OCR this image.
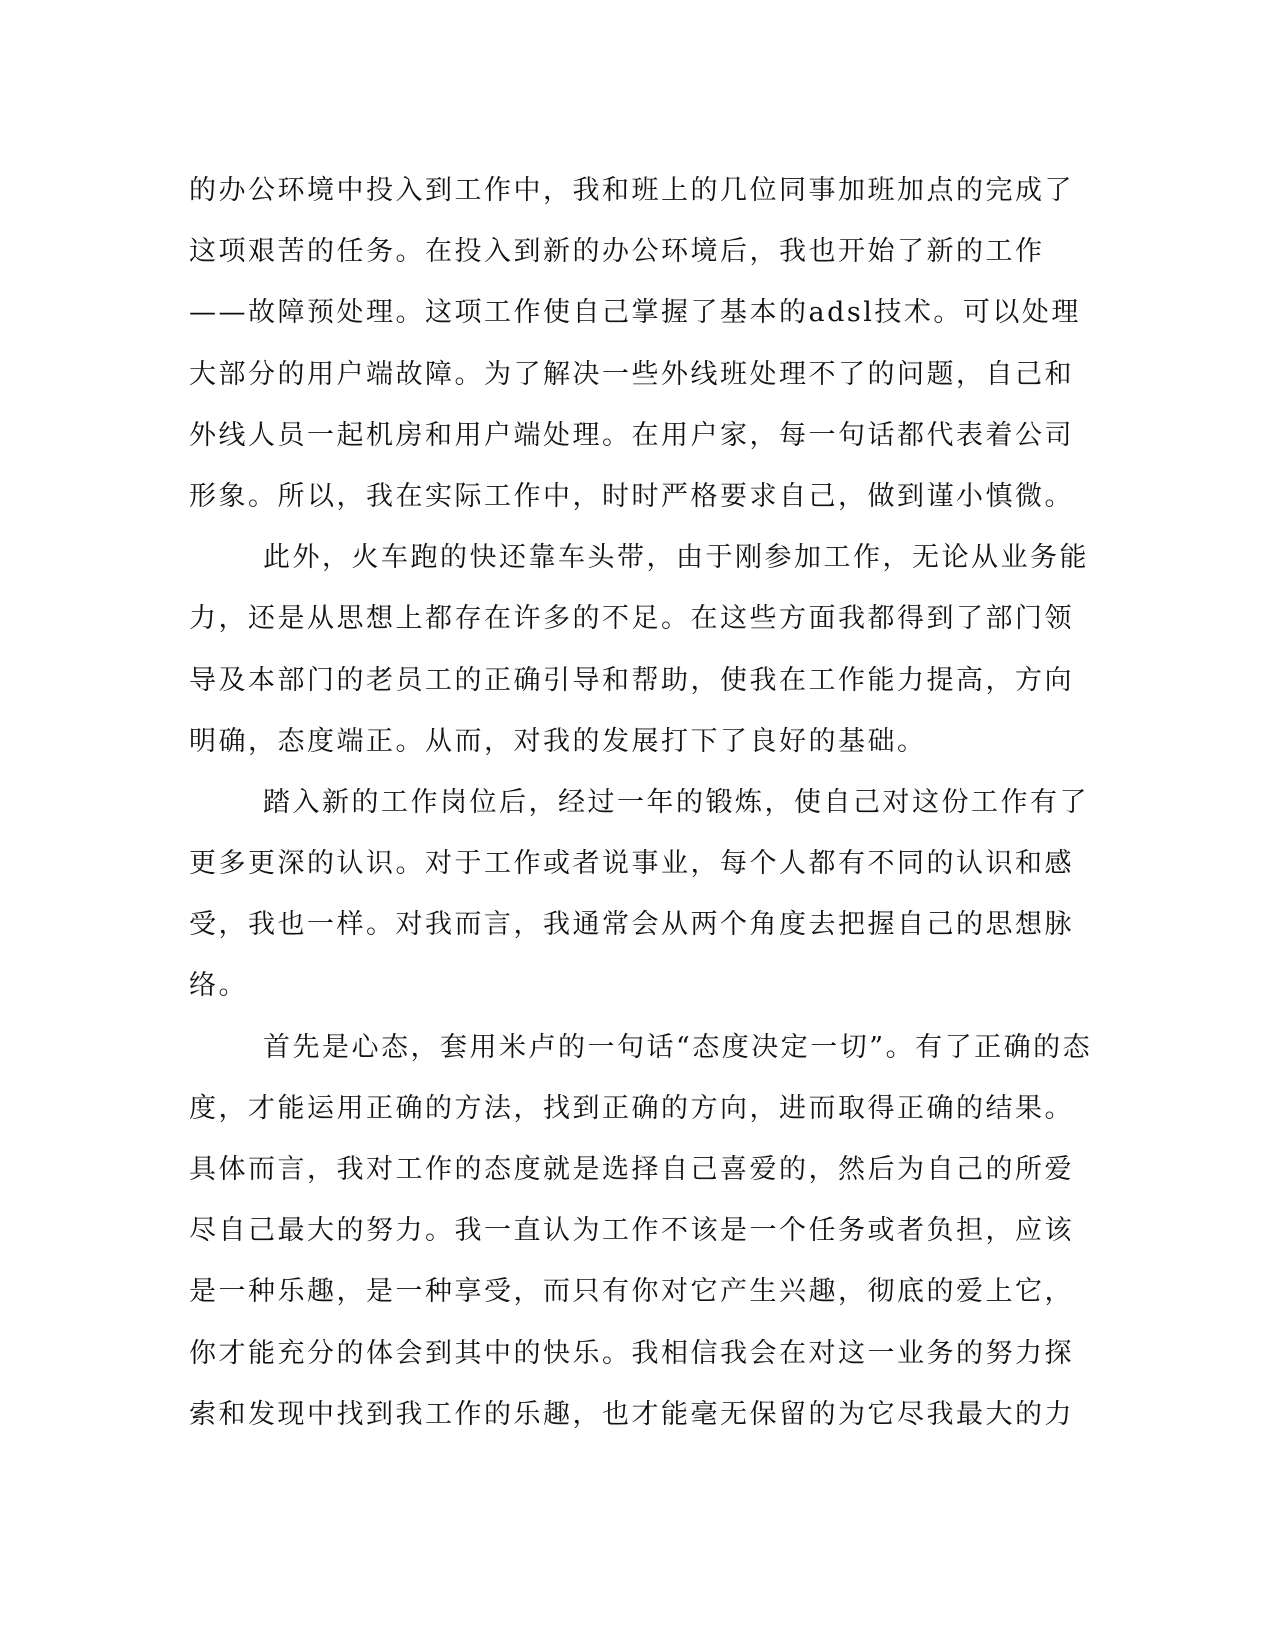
的办公环境中投入到工作中，我和班上的几位同事加班加点的完成了
这项艰苦的任务。在投入到新的办公环境后，我也开始了新的工作
——故障预处理。这项工作使自己掌握了基本的adsl技术。可以处理
大部分的用户端故障。为了解决一些外线班处理不了的问题，自己和
外线人员一起机房和用户端处理。在用户家，每一句话都代表着公司
形象。所以，我在实际工作中，时时严格要求自己，做到谨小慎微。
此外，火车跑的快还靠车头带，由于刚参加工作，无论从业务能
力，还是从思想上都存在许多的不足。在这些方面我都得到了部门领
导及本部门的老员工的正确引导和帮助，使我在工作能力提高，方向
明确，态度端正。从而，对我的发展打下了良好的基础。
踏入新的工作岗位后，经过一年的锻炼，使自己对这份工作有了
更多更深的认识。对于工作或者说事业，每个人都有不同的认识和感
受，我也一样。对我而言，我通常会从两个角度去把握自己的思想脉
络。
首先是心态，套用米卢的一句话“态度决定一切”。有了正确的态
度，才能运用正确的方法，找到正确的方向，进而取得正确的结果。
具体而言，我对工作的态度就是选择自己喜爱的，然后为自己的所爱
尽自己最大的努力。我一直认为工作不该是一个任务或者负担，应该
是一种乐趣，是一种享受，而只有你对它产生兴趣，彻底的爱上它，
你才能充分的体会到其中的快乐。我相信我会在对这一业务的努力探
索和发现中找到我工作的乐趣，也才能毫无保留的为它尽我最大的力
